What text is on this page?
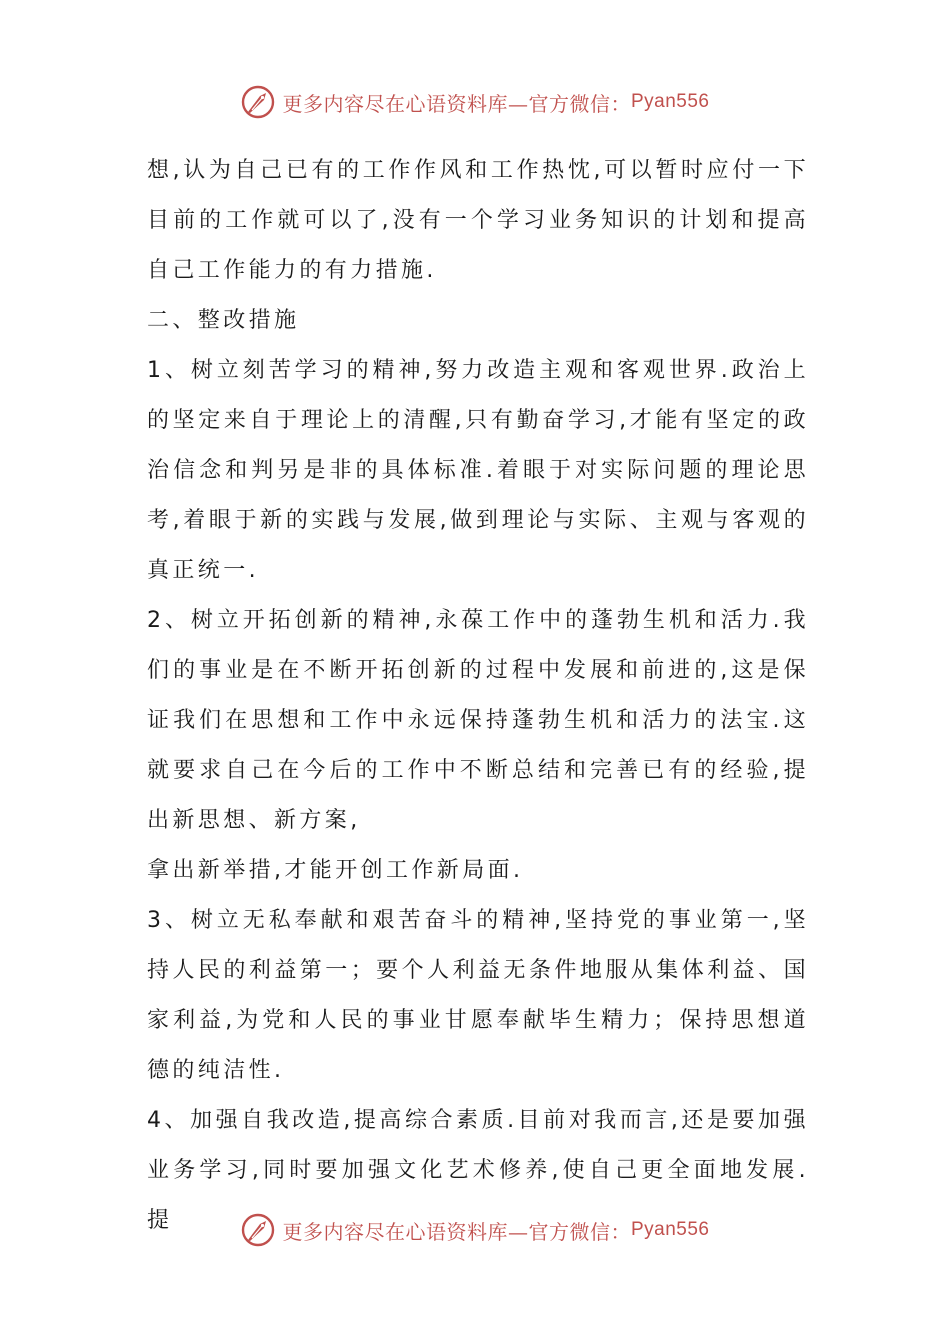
更多内容尽在心语资料库—官方微信： Pyan556

想,认为自己已有的工作作风和工作热忱,可以暂时应付一下目前的工作就可以了,没有一个学习业务知识的计划和提高自己工作能力的有力措施.

二、整改措施

1、树立刻苦学习的精神,努力改造主观和客观世界.政治上的坚定来自于理论上的清醒,只有勤奋学习,才能有坚定的政治信念和判另是非的具体标准.着眼于对实际问题的理论思考,着眼于新的实践与发展,做到理论与实际、主观与客观的真正统一.

2、树立开拓创新的精神,永葆工作中的蓬勃生机和活力.我们的事业是在不断开拓创新的过程中发展和前进的,这是保证我们在思想和工作中永远保持蓬勃生机和活力的法宝.这就要求自己在今后的工作中不断总结和完善已有的经验,提出新思想、新方案,

拿出新举措,才能开创工作新局面.

3、树立无私奉献和艰苦奋斗的精神,坚持党的事业第一,坚持人民的利益第一；要个人利益无条件地服从集体利益、国家利益,为党和人民的事业甘愿奉献毕生精力；保持思想道德的纯洁性.

4、加强自我改造,提高综合素质.目前对我而言,还是要加强业务学习,同时要加强文化艺术修养,使自己更全面地发展.提	更多内容尽在心语资料库—官方微信： Pyan556
